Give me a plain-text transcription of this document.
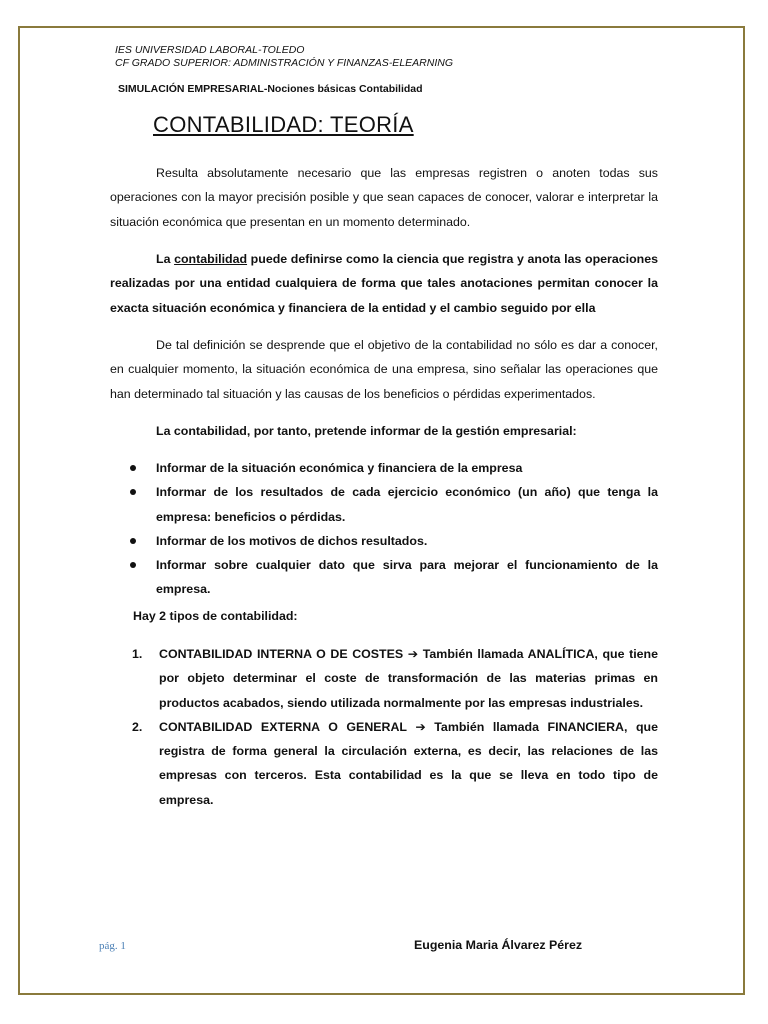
IES UNIVERSIDAD LABORAL-TOLEDO
CF GRADO SUPERIOR: ADMINISTRACIÓN Y FINANZAS-ELEARNING
SIMULACIÓN EMPRESARIAL-Nociones básicas Contabilidad
CONTABILIDAD: TEORÍA

Resulta absolutamente necesario que las empresas registren o anoten todas sus operaciones con la mayor precisión posible y que sean capaces de conocer, valorar e interpretar la situación económica que presentan en un momento determinado.

La contabilidad puede definirse como la ciencia que registra y anota las operaciones realizadas por una entidad cualquiera de forma que tales anotaciones permitan conocer la exacta situación económica y financiera de la entidad y el cambio seguido por ella

De tal definición se desprende que el objetivo de la contabilidad no sólo es dar a conocer, en cualquier momento, la situación económica de una empresa, sino señalar las operaciones que han determinado tal situación y las causas de los beneficios o pérdidas experimentados.

La contabilidad, por tanto, pretende informar de la gestión empresarial:

Informar de la situación económica y financiera de la empresa
Informar de los resultados de cada ejercicio económico (un año) que tenga la empresa: beneficios o pérdidas.
Informar de los motivos de dichos resultados.
Informar sobre cualquier dato que sirva para mejorar el funcionamiento de la empresa.
Hay 2 tipos de contabilidad:
1. CONTABILIDAD INTERNA O DE COSTES ➔ También llamada ANALÍTICA, que tiene por objeto determinar el coste de transformación de las materias primas en productos acabados, siendo utilizada normalmente por las empresas industriales.
2. CONTABILIDAD EXTERNA O GENERAL ➔ También llamada FINANCIERA, que registra de forma general la circulación externa, es decir, las relaciones de las empresas con terceros. Esta contabilidad es la que se lleva en todo tipo de empresa.
pág. 1	Eugenia Maria Álvarez Pérez
